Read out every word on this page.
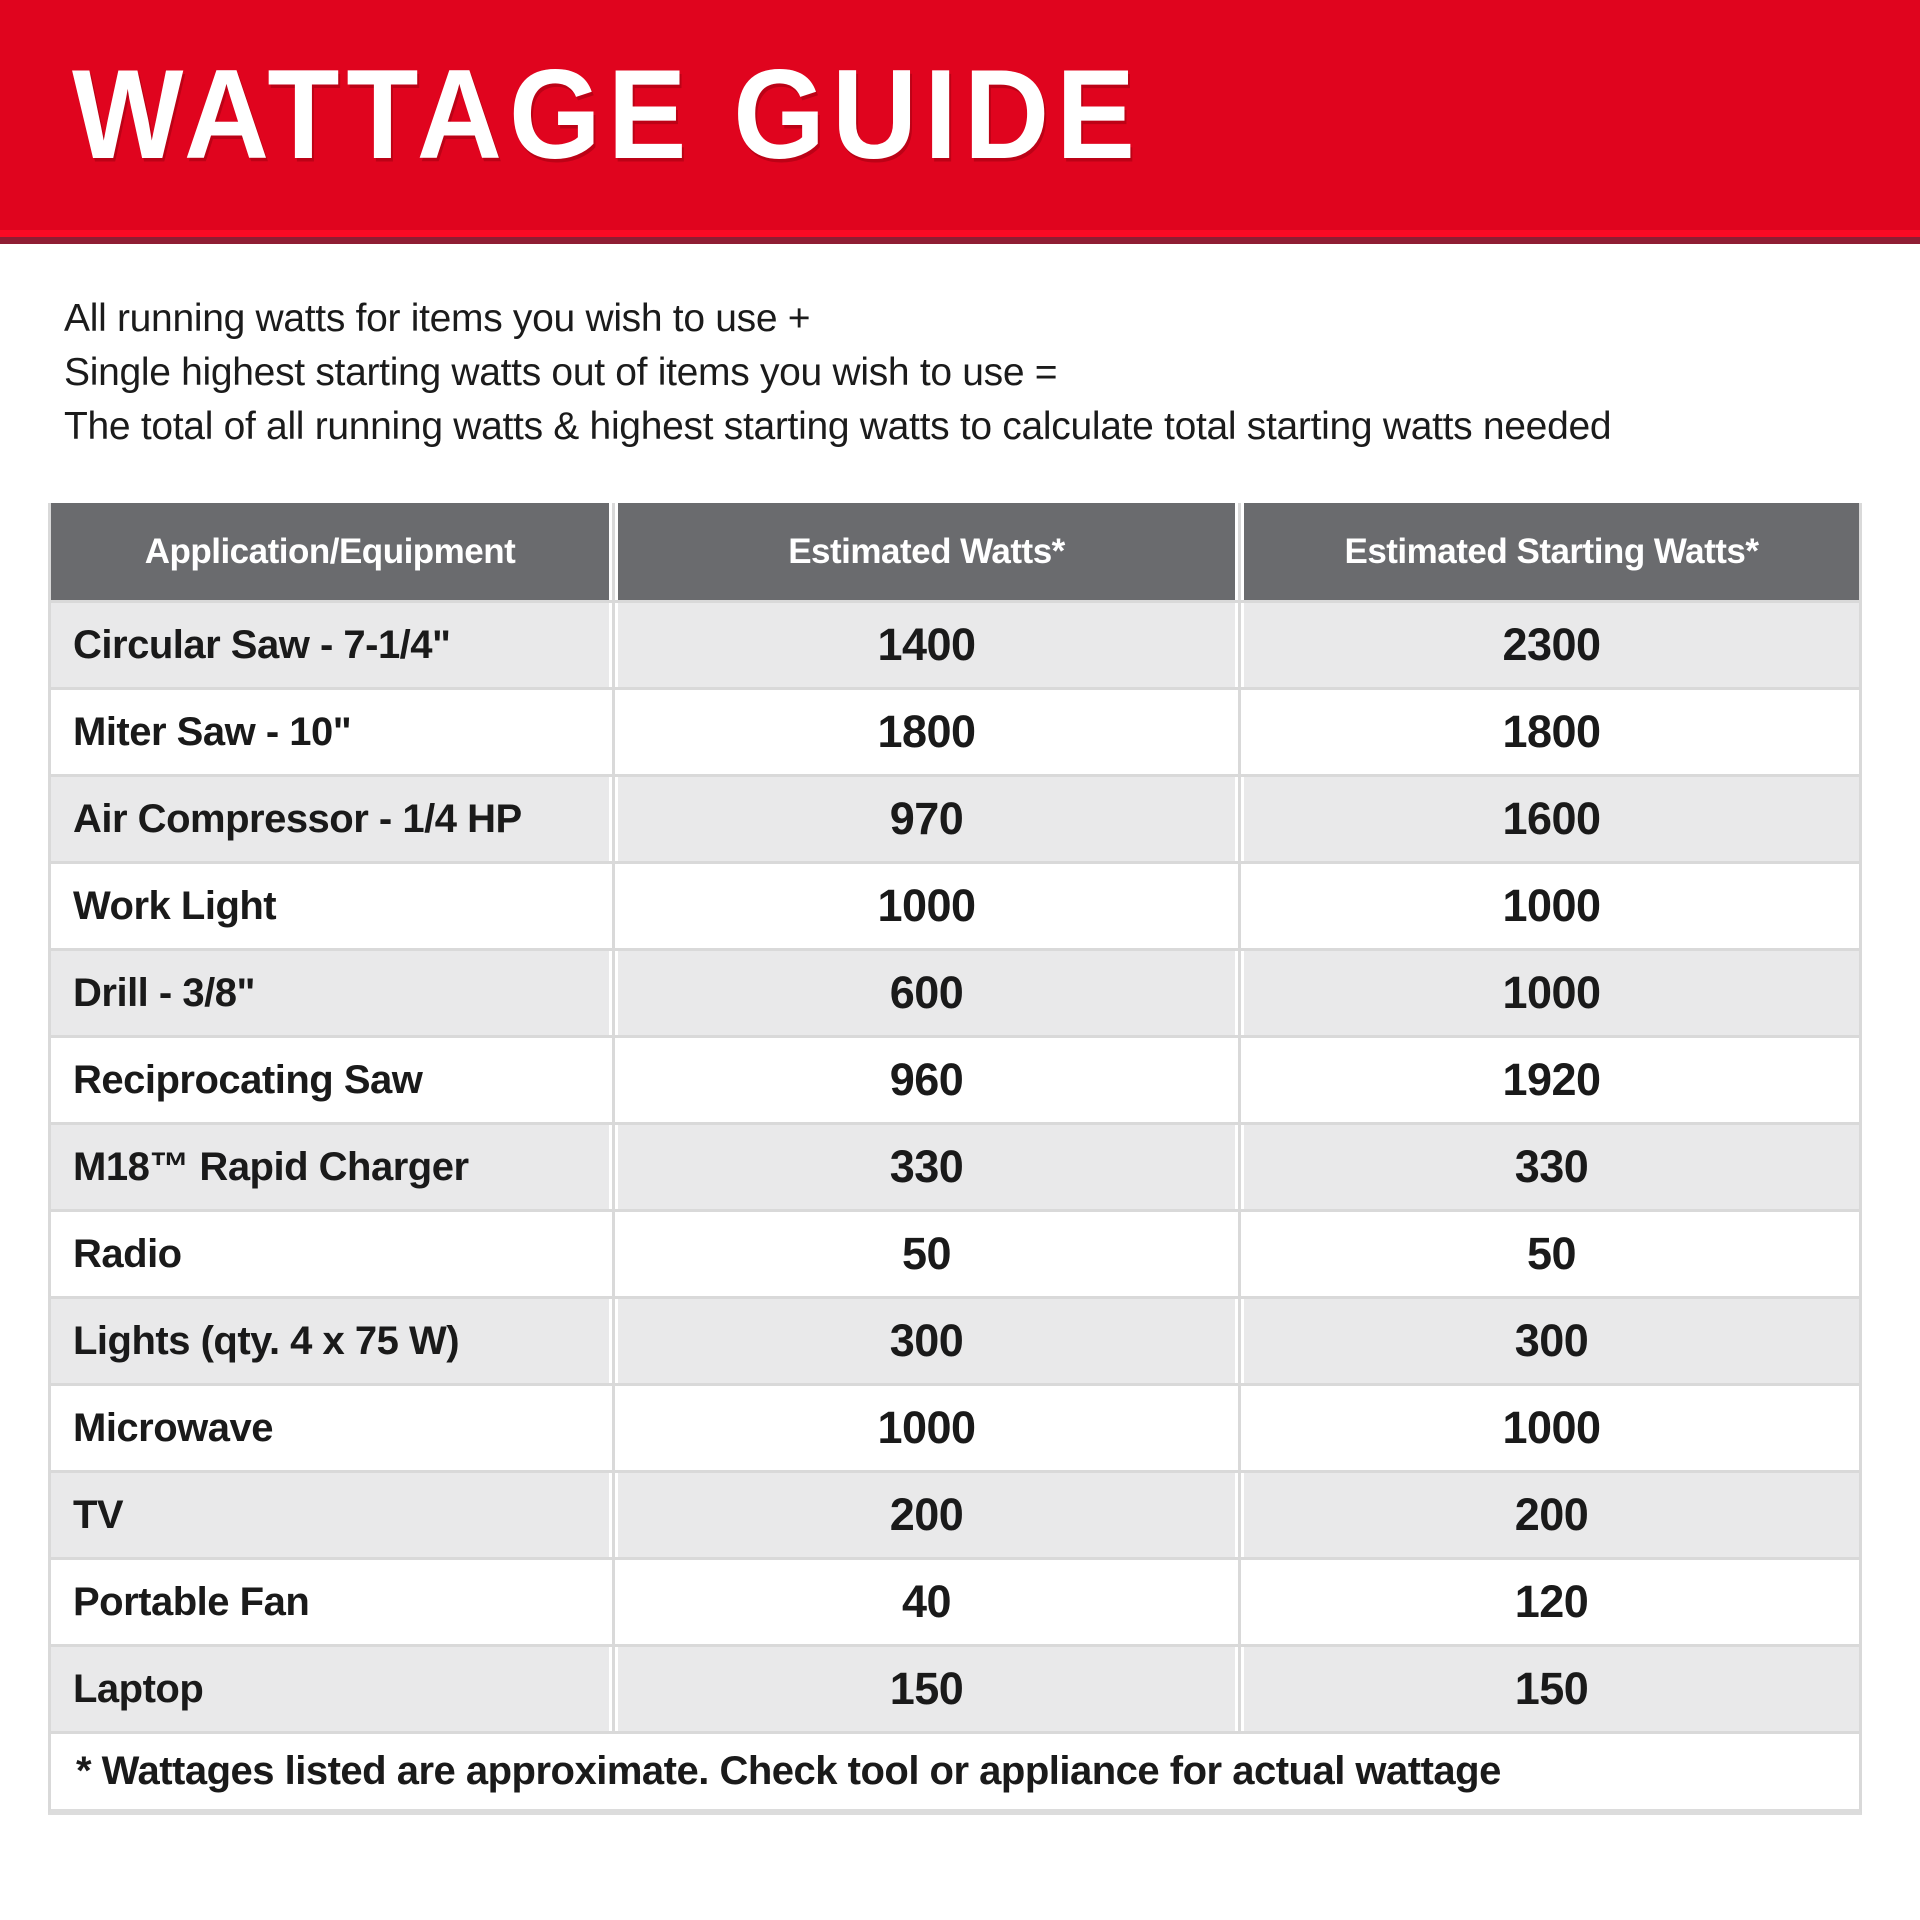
WATTAGE GUIDE
All running watts for items you wish to use +
Single highest starting watts out of items you wish to use =
The total of all running watts & highest starting watts to calculate total starting watts needed
Application/Equipment	Estimated Watts*	Estimated Starting Watts*
Circular Saw - 7-1/4"	1400	2300
Miter Saw - 10"	1800	1800
Air Compressor - 1/4 HP	970	1600
Work Light	1000	1000
Drill - 3/8"	600	1000
Reciprocating Saw	960	1920
M18™ Rapid Charger	330	330
Radio	50	50
Lights (qty. 4 x 75 W)	300	300
Microwave	1000	1000
TV	200	200
Portable Fan	40	120
Laptop	150	150
* Wattages listed are approximate. Check tool or appliance for actual wattage
